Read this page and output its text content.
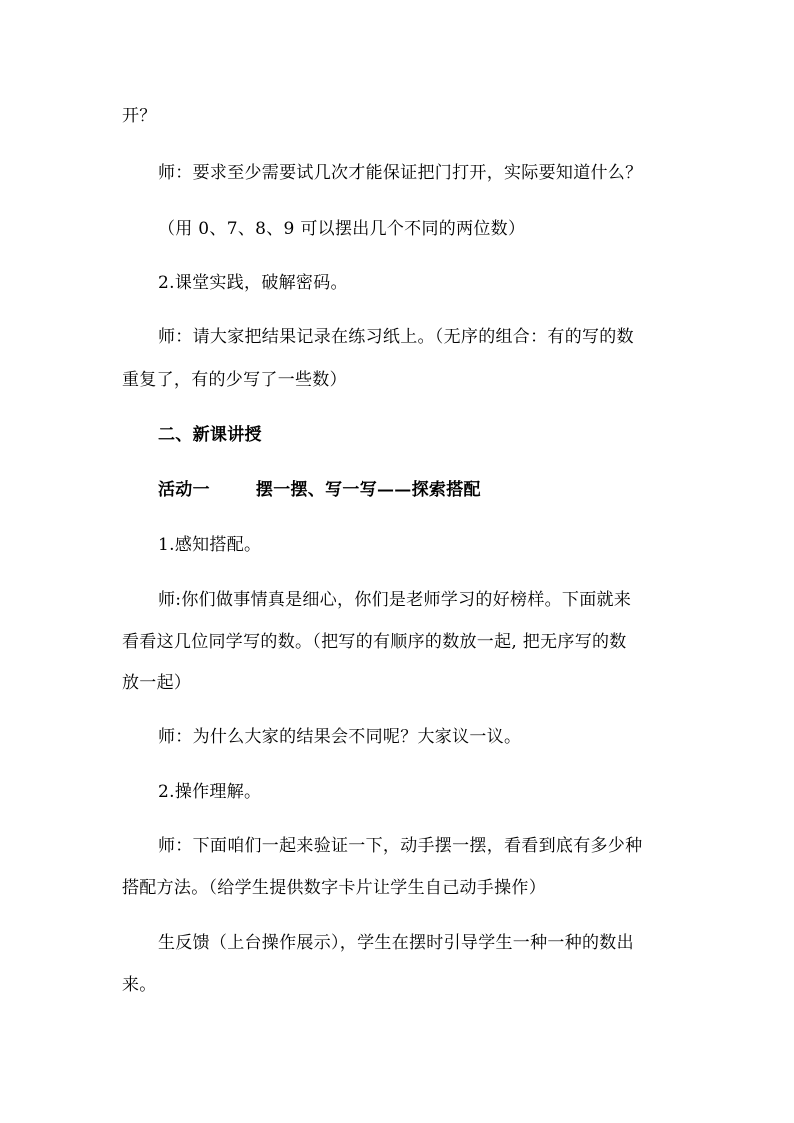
开？
师：要求至少需要试几次才能保证把门打开，实际要知道什么？
（用 0、7、8、9 可以摆出几个不同的两位数）
2.课堂实践，破解密码。
师：请大家把结果记录在练习纸上。（无序的组合：有的写的数
重复了，有的少写了一些数）
二、新课讲授
活动一	摆一摆、写一写——探索搭配
1.感知搭配。
师:你们做事情真是细心，你们是老师学习的好榜样。下面就来
看看这几位同学写的数。（把写的有顺序的数放一起, 把无序写的数
放一起）
师：为什么大家的结果会不同呢？大家议一议。
2.操作理解。
师：下面咱们一起来验证一下，动手摆一摆，看看到底有多少种
搭配方法。（给学生提供数字卡片让学生自己动手操作）
生反馈（上台操作展示），学生在摆时引导学生一种一种的数出
来。
